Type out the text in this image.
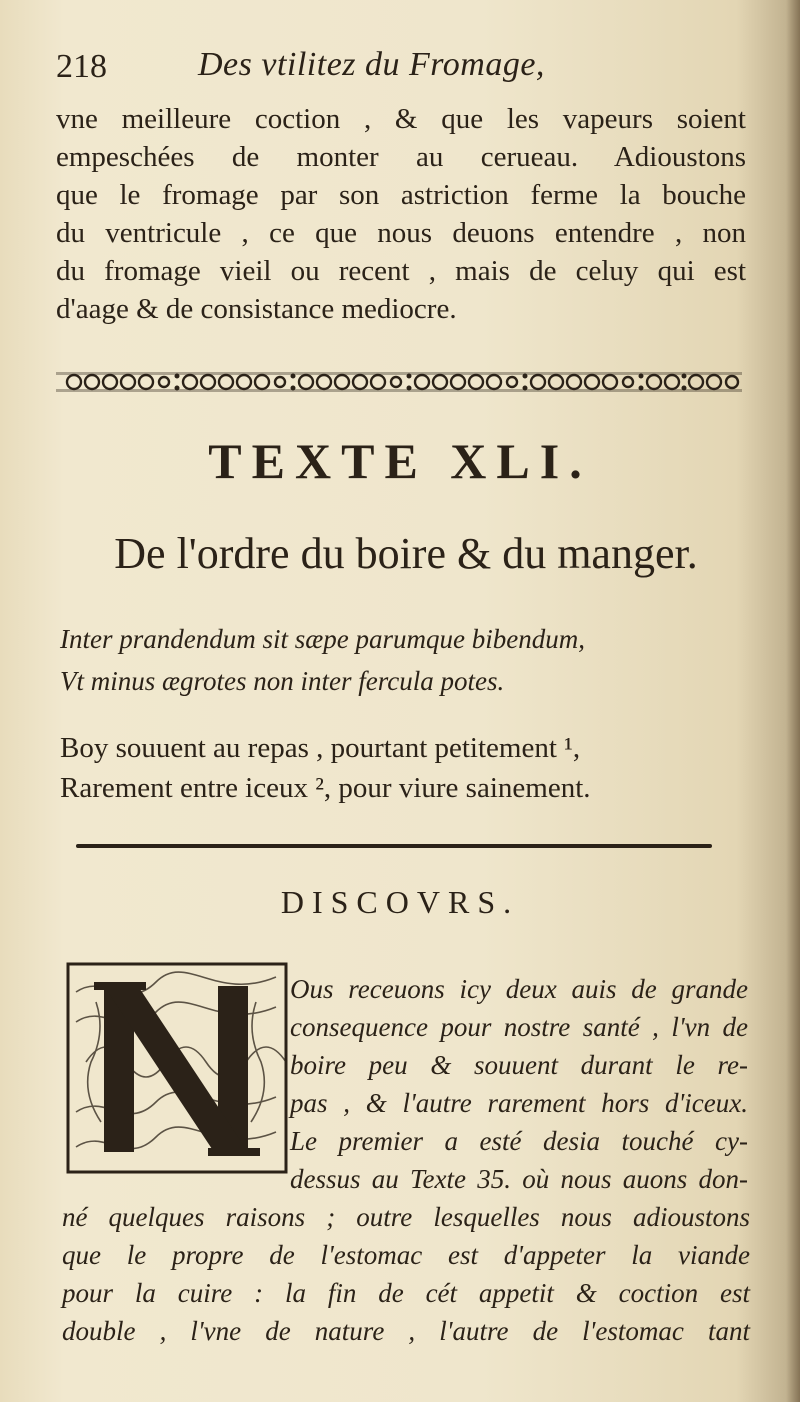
218	Des vtilitez du Fromage,
vne meilleure coction , & que les vapeurs soient
empeschées de monter au cerueau. Adioustons
que le fromage par son astriction ferme la bouche
du ventricule , ce que nous deuons entendre , non
du fromage vieil ou recent , mais de celuy qui est
d'aage & de consistance mediocre.
TEXTE XLI.
De l'ordre du boire & du manger.
Inter prandendum sit sæpe parumque bibendum,
Vt minus ægrotes non inter fercula potes.
Boy souuent au repas , pourtant petitement ¹,
Rarement entre iceux ², pour viure sainement.
DISCOVRS.
Ous receuons icy deux auis de grande
consequence pour nostre santé , l'vn de
boire peu & souuent durant le re-
pas , & l'autre rarement hors d'iceux.
Le premier a esté desia touché cy-
dessus au Texte 35. où nous auons don-
né quelques raisons ; outre lesquelles nous adioustons
que le propre de l'estomac est d'appeter la viande
pour la cuire : la fin de cét appetit & coction est
double , l'vne de nature , l'autre de l'estomac tant
